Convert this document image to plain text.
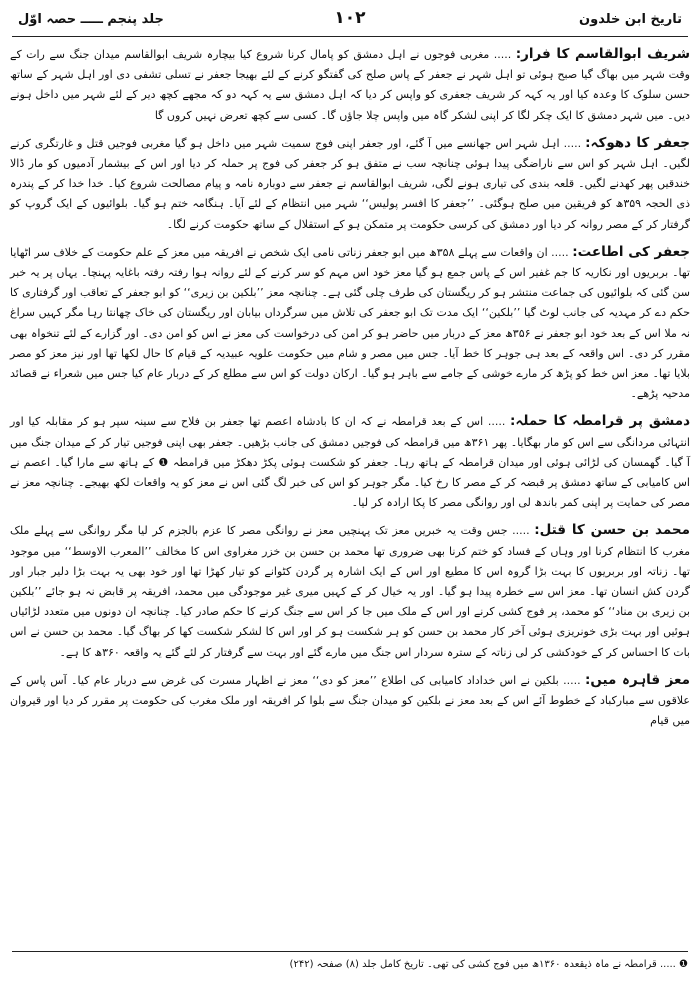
تاریخ ابن خلدون
۱۰۲
جلد پنجم ـــــ حصہ اوّل

شریف ابوالقاسم کا فرار: ..... مغربی فوجوں نے اہل دمشق کو پامال کرنا شروع کیا بیچارہ شریف ابوالقاسم میدان جنگ سے رات کے وقت شہر میں بھاگ گیا صبح ہوئی تو اہل شہر نے جعفر کے پاس صلح کی گفتگو کرنے کے لئے بھیجا جعفر نے تسلی تشفی دی اور اہل شہر کے ساتھ حسن سلوک کا وعدہ کیا اور یہ کہہ کر شریف جعفری کو واپس کر دیا کہ اہل دمشق سے یہ کہہ دو کہ مجھے کچھ دیر کے لئے شہر میں داخل ہونے دیں۔ میں شہر دمشق کا ایک چکر لگا کر اپنی لشکر گاہ میں واپس چلا جاؤں گا۔ کسی سے کچھ تعرض نہیں کروں گا

جعفر کا دھوکہ: ..... اہل شہر اس جھانسے میں آ گئے، اور جعفر اپنی فوج سمیت شہر میں داخل ہو گیا مغربی فوجیں قتل و غارتگری کرنے لگیں۔ اہل شہر کو اس سے ناراضگی پیدا ہوئی چنانچہ سب نے متفق ہو کر جعفر کی فوج پر حملہ کر دیا اور اس کے بیشمار آدمیوں کو مار ڈالا خندقیں پھر کھدنے لگیں۔ قلعہ بندی کی تیاری ہونے لگی، شریف ابوالقاسم نے جعفر سے دوبارہ نامہ و پیام مصالحت شروع کیا۔ خدا خدا کر کے پندرہ ذی الحجہ ۳۵۹ھ کو فریقین میں صلح ہوگئی۔ ’’جعفر کا افسر پولیس‘‘ شہر میں انتظام کے لئے آیا۔ ہنگامہ ختم ہو گیا۔ بلوائیوں کے ایک گروپ کو گرفتار کر کے مصر روانہ کر دیا اور دمشق کی کرسی حکومت پر متمکن ہو کے استقلال کے ساتھ حکومت کرنے لگا۔

جعفر کی اطاعت: ..... ان واقعات سے پہلے ۳۵۸ھ میں ابو جعفر زناتی نامی ایک شخص نے افریقہ میں معز کے علم حکومت کے خلاف سر اٹھایا تھا۔ بربریوں اور نکاریہ کا جم غفیر اس کے پاس جمع ہو گیا معز خود اس مہم کو سر کرنے کے لئے روانہ ہوا رفتہ رفتہ باغایہ پہنچا۔ یہاں پر یہ خبر سن گئی کہ بلوائیوں کی جماعت منتشر ہو کر ریگستان کی طرف چلی گئی ہے۔ چنانچہ معز ’’بلکین بن زیری‘‘ کو ابو جعفر کے تعاقب اور گرفتاری کا حکم دے کر مہدیہ کی جانب لوٹ گیا ’’بلکین‘‘ ایک مدت تک ابو جعفر کی تلاش میں سرگرداں بیابان اور ریگستان کی خاک چھانتا رہا مگر کہیں سراغ نہ ملا اس کے بعد خود ابو جعفر نے ۳۵۶ھ معز کے دربار میں حاضر ہو کر امن کی درخواست کی معز نے اس کو امن دی۔ اور گزارے کے لئے تنخواہ بھی مقرر کر دی۔ اس واقعہ کے بعد ہی جوہر کا خط آیا۔ جس میں مصر و شام میں حکومت علویہ عبیدیہ کے قیام کا حال لکھا تھا اور نیز معز کو مصر بلایا تھا۔ معز اس خط کو پڑھ کر مارے خوشی کے جامے سے باہر ہو گیا۔ ارکان دولت کو اس سے مطلع کر کے دربار عام کیا جس میں شعراء نے قصائد مدحیہ پڑھے۔

دمشق پر قرامطہ کا حملہ: ..... اس کے بعد قرامطہ نے کہ ان کا بادشاہ اعصم تھا جعفر بن فلاح سے سینہ سپر ہو کر مقابلہ کیا اور انتہائی مردانگی سے اس کو مار بھگایا۔ پھر ۳۶۱ھ میں قرامطہ کی فوجیں دمشق کی جانب بڑھیں۔ جعفر بھی اپنی فوجیں تیار کر کے میدان جنگ میں آ گیا۔ گھمسان کی لڑائی ہوئی اور میدان قرامطہ کے ہاتھ رہا۔ جعفر کو شکست ہوئی پکڑ دھکڑ میں قرامطہ ❶ کے ہاتھ سے مارا گیا۔ اعصم نے اس کامیابی کے ساتھ دمشق پر قبضہ کر کے مصر کا رخ کیا۔ مگر جوہر کو اس کی خبر لگ گئی اس نے معز کو یہ واقعات لکھ بھیجے۔ چنانچہ معز نے مصر کی حمایت پر اپنی کمر باندھ لی اور روانگی مصر کا پکا ارادہ کر لیا۔

محمد بن حسن کا قتل: ..... جس وقت یہ خبریں معز تک پہنچیں معز نے روانگی مصر کا عزم بالجزم کر لیا مگر روانگی سے پہلے ملک مغرب کا انتظام کرنا اور وہاں کے فساد کو ختم کرنا بھی ضروری تھا محمد بن حسن بن خزر مغراوی اس کا مخالف ’’المعرب الاوسط‘‘ میں موجود تھا۔ زناتہ اور بربریوں کا بہت بڑا گروہ اس کا مطیع اور اس کے ایک اشارہ پر گردن کٹوانے کو تیار کھڑا تھا اور خود بھی یہ بہت بڑا دلیر جبار اور گردن کش انسان تھا۔ معز اس سے خطرہ پیدا ہو گیا۔ اور یہ خیال کر کے کہیں میری غیر موجودگی میں محمد، افریقہ پر قابض نہ ہو جائے ’’بلکین بن زیری بن مناد‘‘ کو محمد، پر فوج کشی کرنے اور اس کے ملک میں جا کر اس سے جنگ کرنے کا حکم صادر کیا۔ چنانچہ ان دونوں میں متعدد لڑائیاں ہوئیں اور بہت بڑی خونریزی ہوئی آخر کار محمد بن حسن کو ہر شکست ہو کر اور اس کا لشکر شکست کھا کر بھاگ گیا۔ محمد بن حسن نے اس بات کا احساس کر کے خودکشی کر لی زناتہ کے سترہ سردار اس جنگ میں مارے گئے اور بہت سے گرفتار کر لئے گئے یہ واقعہ ۳۶۰ھ کا ہے۔

معز قاہرہ میں: ..... بلکین نے اس خداداد کامیابی کی اطلاع ’’معز کو دی‘‘ معز نے اظہار مسرت کی غرض سے دربار عام کیا۔ آس پاس کے علاقوں سے مبارکباد کے خطوط آئے اس کے بعد معز نے بلکین کو میدان جنگ سے بلوا کر افریقہ اور ملک مغرب کی حکومت پر مقرر کر دیا اور قیروان میں قیام

❶ ..... قرامطہ نے ماہ ذیقعدہ ۱۳۶۰ھ میں فوج کشی کی تھی۔ تاریخ کامل جلد (۸) صفحہ (۲۴۲)
